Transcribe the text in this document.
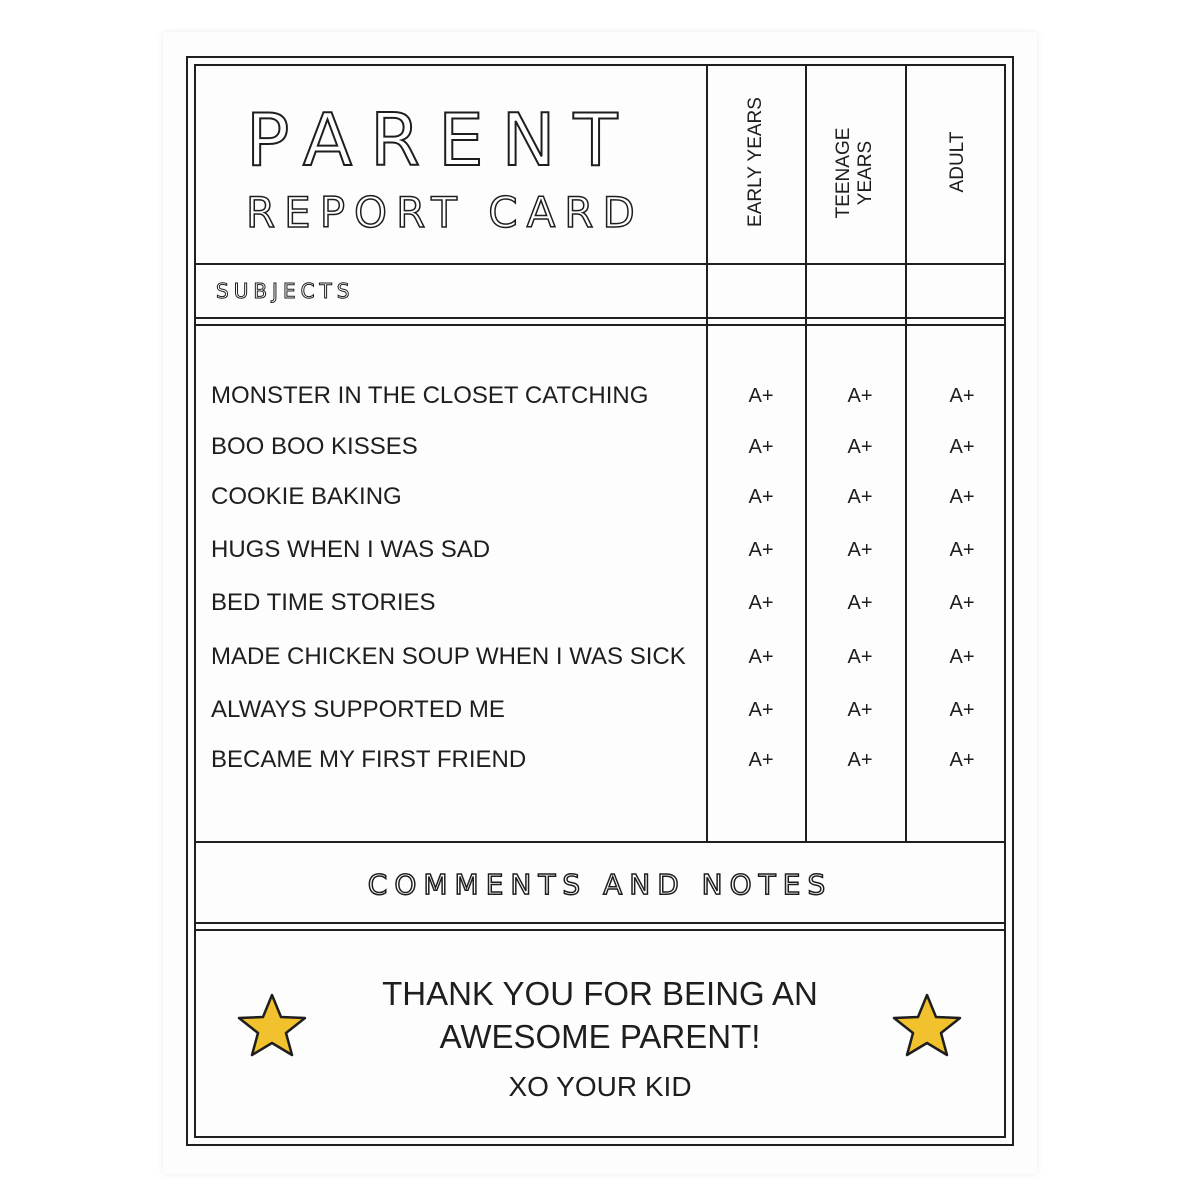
PARENT
REPORT CARD	EARLY YEARS	TEENAGE YEARS	ADULT
SUBJECTS
MONSTER IN THE CLOSET CATCHING	A+	A+	A+
BOO BOO KISSES	A+	A+	A+
COOKIE BAKING	A+	A+	A+
HUGS WHEN I WAS SAD	A+	A+	A+
BED TIME STORIES	A+	A+	A+
MADE CHICKEN SOUP WHEN I WAS SICK	A+	A+	A+
ALWAYS SUPPORTED ME	A+	A+	A+
BECAME MY FIRST FRIEND	A+	A+	A+
COMMENTS AND NOTES
THANK YOU FOR BEING AN
AWESOME PARENT!
XO YOUR KID
